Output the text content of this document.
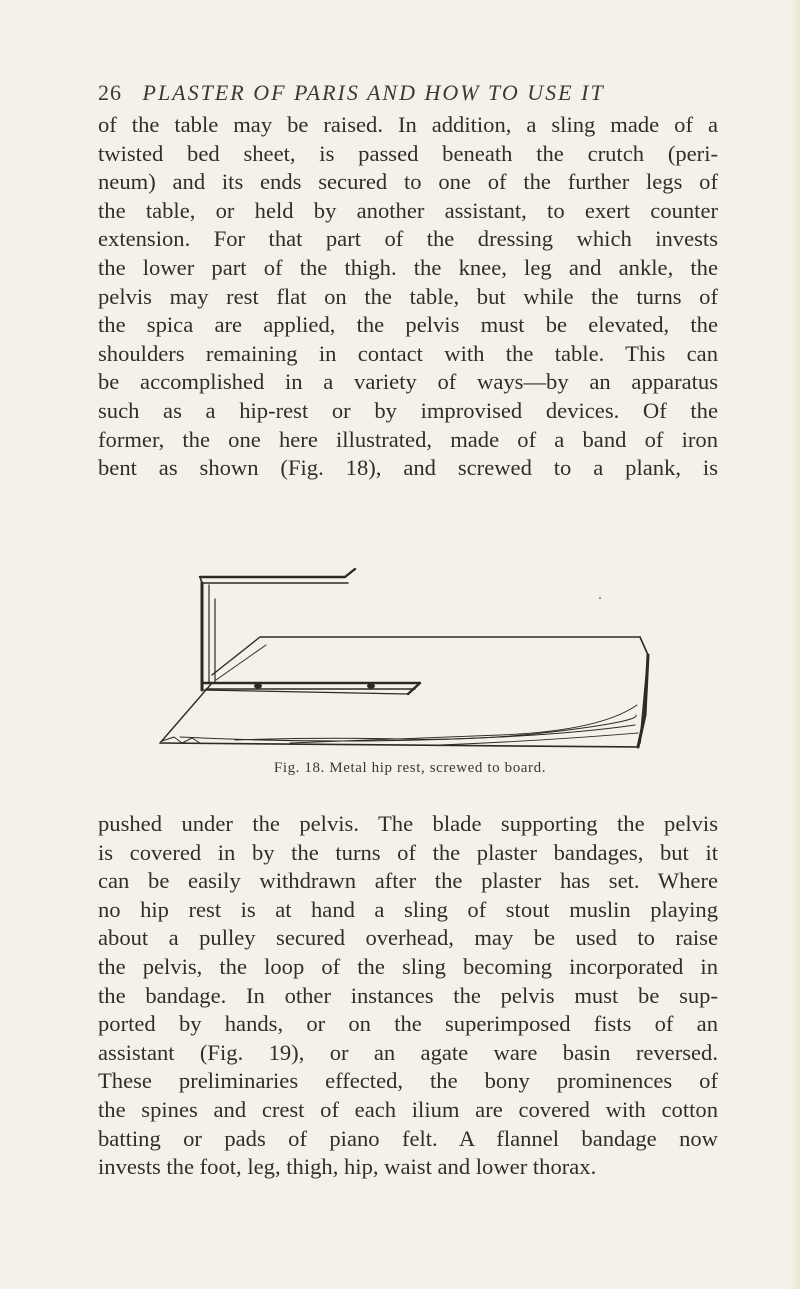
26 PLASTER OF PARIS AND HOW TO USE IT

of the table may be raised. In addition, a sling made of a
twisted bed sheet, is passed beneath the crutch (peri-
neum) and its ends secured to one of the further legs of
the table, or held by another assistant, to exert counter
extension. For that part of the dressing which invests
the lower part of the thigh. the knee, leg and ankle, the
pelvis may rest flat on the table, but while the turns of
the spica are applied, the pelvis must be elevated, the
shoulders remaining in contact with the table. This can
be accomplished in a variety of ways—by an apparatus
such as a hip-rest or by improvised devices. Of the
former, the one here illustrated, made of a band of iron
bent as shown (Fig. 18), and screwed to a plank, is

Fig. 18. Metal hip rest, screwed to board.

pushed under the pelvis. The blade supporting the pelvis
is covered in by the turns of the plaster bandages, but it
can be easily withdrawn after the plaster has set. Where
no hip rest is at hand a sling of stout muslin playing
about a pulley secured overhead, may be used to raise
the pelvis, the loop of the sling becoming incorporated in
the bandage. In other instances the pelvis must be sup-
ported by hands, or on the superimposed fists of an
assistant (Fig. 19), or an agate ware basin reversed.
These preliminaries effected, the bony prominences of
the spines and crest of each ilium are covered with cotton
batting or pads of piano felt. A flannel bandage now
invests the foot, leg, thigh, hip, waist and lower thorax.
